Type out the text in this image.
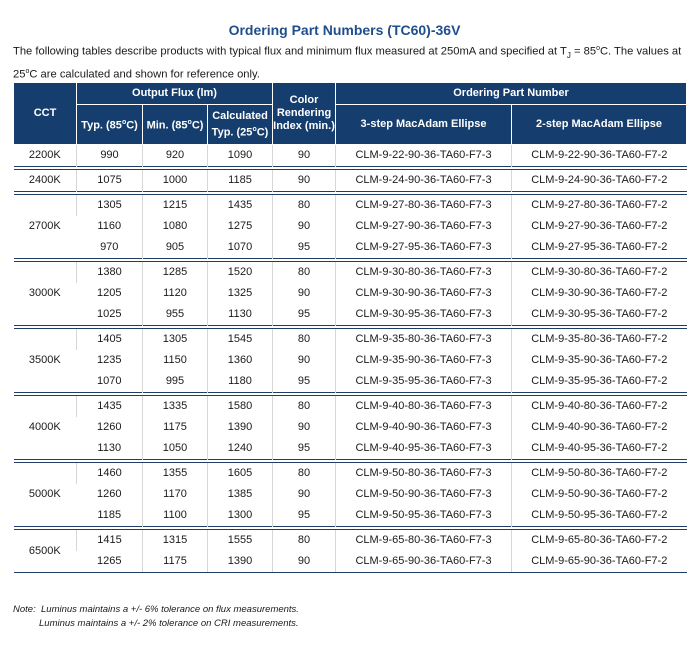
Ordering Part Numbers (TC60)-36V
The following tables describe products with typical flux and minimum flux measured at 250mA and specified at $T_J = 85^oC$. The values at 25$^o$C are calculated and shown for reference only.
CCT	Output Flux (lm)			Color Rendering Index (min.)	Ordering Part Number	
	Typ. (85$^o$C)	Min. (85$^o$C)	Calculated Typ. (25$^o$C)		3-step MacAdam Ellipse	2-step MacAdam Ellipse
2200K	990	920	1090	90	CLM-9-22-90-36-TA60-F7-3	CLM-9-22-90-36-TA60-F7-2

2400K	1075	1000	1185	90	CLM-9-24-90-36-TA60-F7-3	CLM-9-24-90-36-TA60-F7-2

2700K	1305	1215	1435	80	CLM-9-27-80-36-TA60-F7-3	CLM-9-27-80-36-TA60-F7-2
	1160	1080	1275	90	CLM-9-27-90-36-TA60-F7-3	CLM-9-27-90-36-TA60-F7-2
	970	905	1070	95	CLM-9-27-95-36-TA60-F7-3	CLM-9-27-95-36-TA60-F7-2

3000K	1380	1285	1520	80	CLM-9-30-80-36-TA60-F7-3	CLM-9-30-80-36-TA60-F7-2
	1205	1120	1325	90	CLM-9-30-90-36-TA60-F7-3	CLM-9-30-90-36-TA60-F7-2
	1025	955	1130	95	CLM-9-30-95-36-TA60-F7-3	CLM-9-30-95-36-TA60-F7-2

3500K	1405	1305	1545	80	CLM-9-35-80-36-TA60-F7-3	CLM-9-35-80-36-TA60-F7-2
	1235	1150	1360	90	CLM-9-35-90-36-TA60-F7-3	CLM-9-35-90-36-TA60-F7-2
	1070	995	1180	95	CLM-9-35-95-36-TA60-F7-3	CLM-9-35-95-36-TA60-F7-2

4000K	1435	1335	1580	80	CLM-9-40-80-36-TA60-F7-3	CLM-9-40-80-36-TA60-F7-2
	1260	1175	1390	90	CLM-9-40-90-36-TA60-F7-3	CLM-9-40-90-36-TA60-F7-2
	1130	1050	1240	95	CLM-9-40-95-36-TA60-F7-3	CLM-9-40-95-36-TA60-F7-2

5000K	1460	1355	1605	80	CLM-9-50-80-36-TA60-F7-3	CLM-9-50-80-36-TA60-F7-2
	1260	1170	1385	90	CLM-9-50-90-36-TA60-F7-3	CLM-9-50-90-36-TA60-F7-2
	1185	1100	1300	95	CLM-9-50-95-36-TA60-F7-3	CLM-9-50-95-36-TA60-F7-2

6500K	1415	1315	1555	80	CLM-9-65-80-36-TA60-F7-3	CLM-9-65-80-36-TA60-F7-2
	1265	1175	1390	90	CLM-9-65-90-36-TA60-F7-3	CLM-9-65-90-36-TA60-F7-2
Note: Luminus maintains a +/- 6% tolerance on flux measurements.
Luminus maintains a +/- 2% tolerance on CRI measurements.
